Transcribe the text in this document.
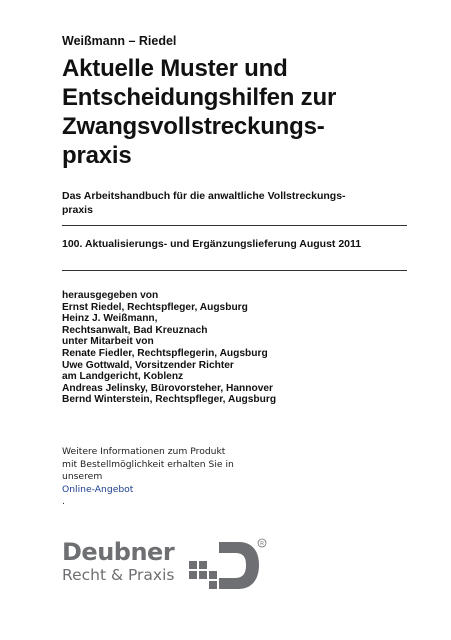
Weißmann – Riedel

Aktuelle Muster und
Entscheidungshilfen zur
Zwangsvollstreckungs-
praxis

Das Arbeitshandbuch für die anwaltliche Vollstreckungs-
praxis

100. Aktualisierungs- und Ergänzungslieferung August 2011

herausgegeben von
Ernst Riedel, Rechtspfleger, Augsburg
Heinz J. Weißmann,
Rechtsanwalt, Bad Kreuznach
unter Mitarbeit von
Renate Fiedler, Rechtspflegerin, Augsburg
Uwe Gottwald, Vorsitzender Richter
am Landgericht, Koblenz
Andreas Jelinsky, Bürovorsteher, Hannover
Bernd Winterstein, Rechtspfleger, Augsburg

Weitere Informationen zum Produkt
mit Bestellmöglichkeit erhalten Sie in
unserem
Online-Angebot
.

Deubner

Recht & Praxis

R
